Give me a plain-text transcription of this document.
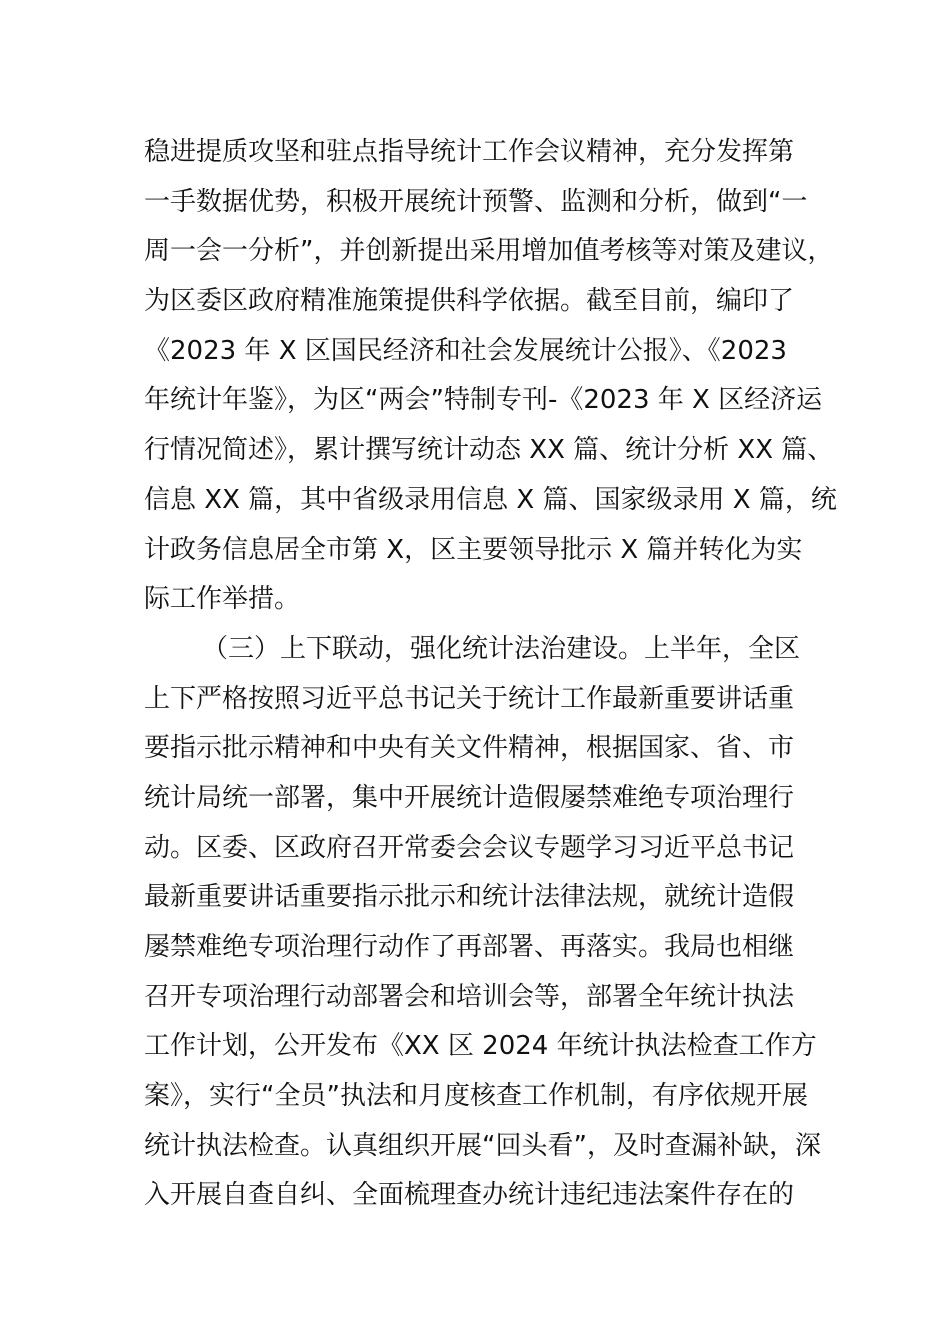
稳进提质攻坚和驻点指导统计工作会议精神，充分发挥第
一手数据优势，积极开展统计预警、监测和分析，做到“一
周一会一分析”，并创新提出采用增加值考核等对策及建议，
为区委区政府精准施策提供科学依据。截至目前，编印了
《2023 年 X 区国民经济和社会发展统计公报》、《2023
年统计年鉴》，为区“两会”特制专刊-《2023 年 X 区经济运
行情况简述》，累计撰写统计动态 XX 篇、统计分析 XX 篇、
信息 XX 篇，其中省级录用信息 X 篇、国家级录用 X 篇，统
计政务信息居全市第 X，区主要领导批示 X 篇并转化为实
际工作举措。
（三）上下联动，强化统计法治建设。上半年，全区
上下严格按照习近平总书记关于统计工作最新重要讲话重
要指示批示精神和中央有关文件精神，根据国家、省、市
统计局统一部署，集中开展统计造假屡禁难绝专项治理行
动。区委、区政府召开常委会会议专题学习习近平总书记
最新重要讲话重要指示批示和统计法律法规，就统计造假
屡禁难绝专项治理行动作了再部署、再落实。我局也相继
召开专项治理行动部署会和培训会等，部署全年统计执法
工作计划，公开发布《XX 区 2024 年统计执法检查工作方
案》，实行“全员”执法和月度核查工作机制，有序依规开展
统计执法检查。认真组织开展“回头看”，及时查漏补缺，深
入开展自查自纠、全面梳理查办统计违纪违法案件存在的
